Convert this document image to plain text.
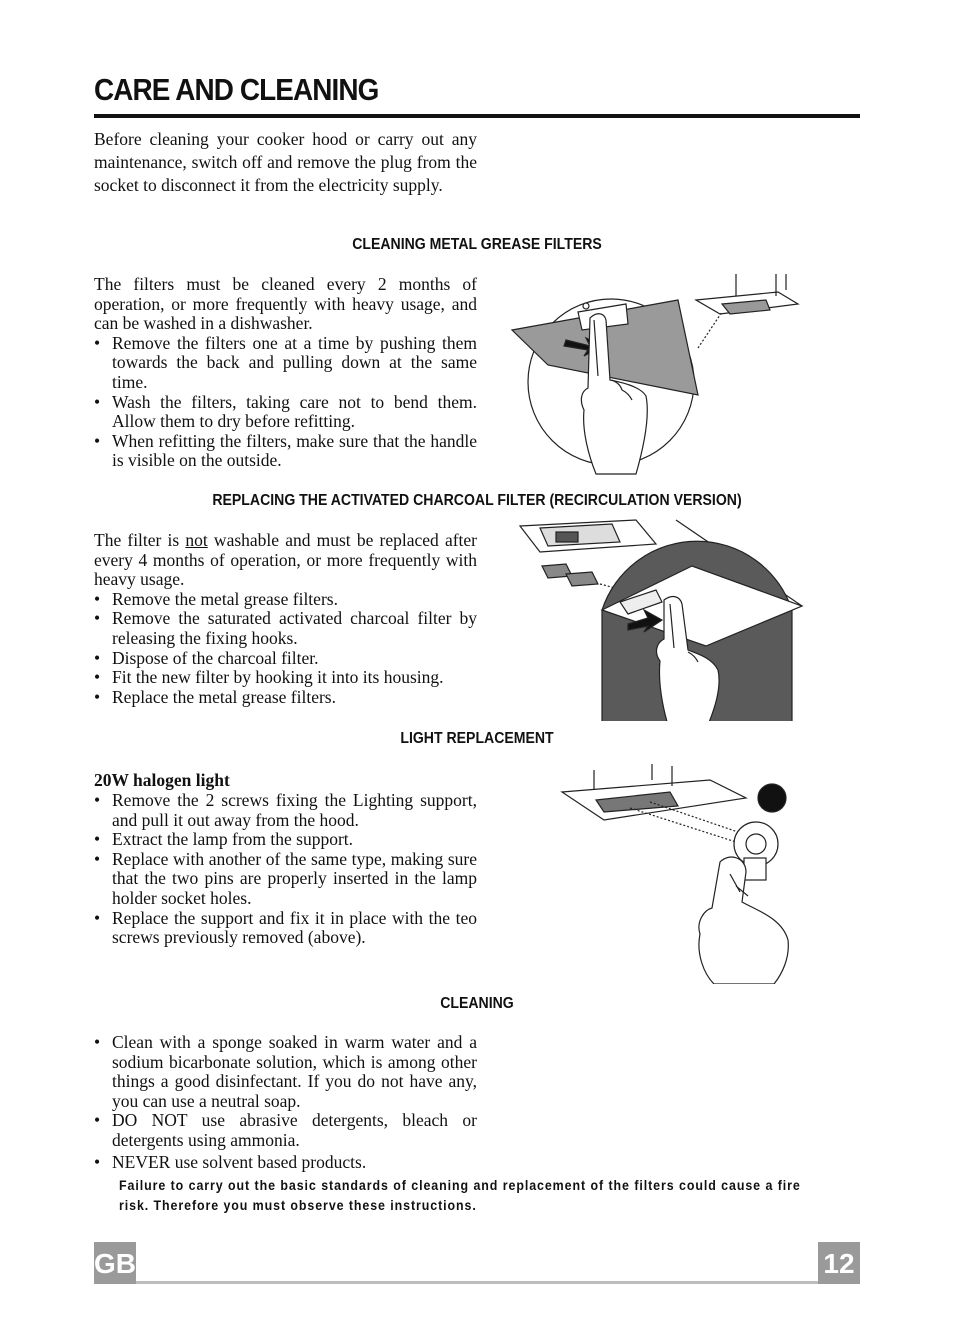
CARE AND CLEANING

Before cleaning your cooker hood or carry out any maintenance, switch off and remove the plug from the socket to disconnect it from the electricity supply.

CLEANING METAL GREASE FILTERS

The filters must be cleaned every 2 months of operation, or more frequently with heavy usage, and can be washed in a dishwasher.

• Remove the filters one at a time by pushing them towards the back and pulling down at the same time.
• Wash the filters, taking care not to bend them. Allow them to dry before refitting.
• When refitting the filters, make sure that the handle is visible on the outside.
REPLACING THE ACTIVATED CHARCOAL FILTER (RECIRCULATION VERSION)

The filter is not washable and must be replaced after every 4 months of operation, or more frequently with heavy usage.

• Remove the metal grease filters.
• Remove the saturated activated charcoal filter by releasing the fixing hooks.
• Dispose of the charcoal filter.
• Fit the new filter by hooking it into its housing.
• Replace the metal grease filters.
LIGHT REPLACEMENT
20W halogen light
• Remove the 2 screws fixing the Lighting support, and pull it out away from the hood.
• Extract the lamp from the support.
• Replace with another of the same type, making sure that the two pins are properly inserted in the lamp holder socket holes.
• Replace the support and fix it in place with the teo screws previously removed (above).
CLEANING
• Clean with a sponge soaked in warm water and a sodium bicarbonate solution, which is among other things a good disinfectant. If you do not have any, you can use a neutral soap.
• DO NOT use abrasive detergents, bleach or detergents using ammonia.
• NEVER use solvent based products.
Failure to carry out the basic standards of cleaning and replacement of the filters could cause a fire risk. Therefore you must observe these instructions.
GB	12
